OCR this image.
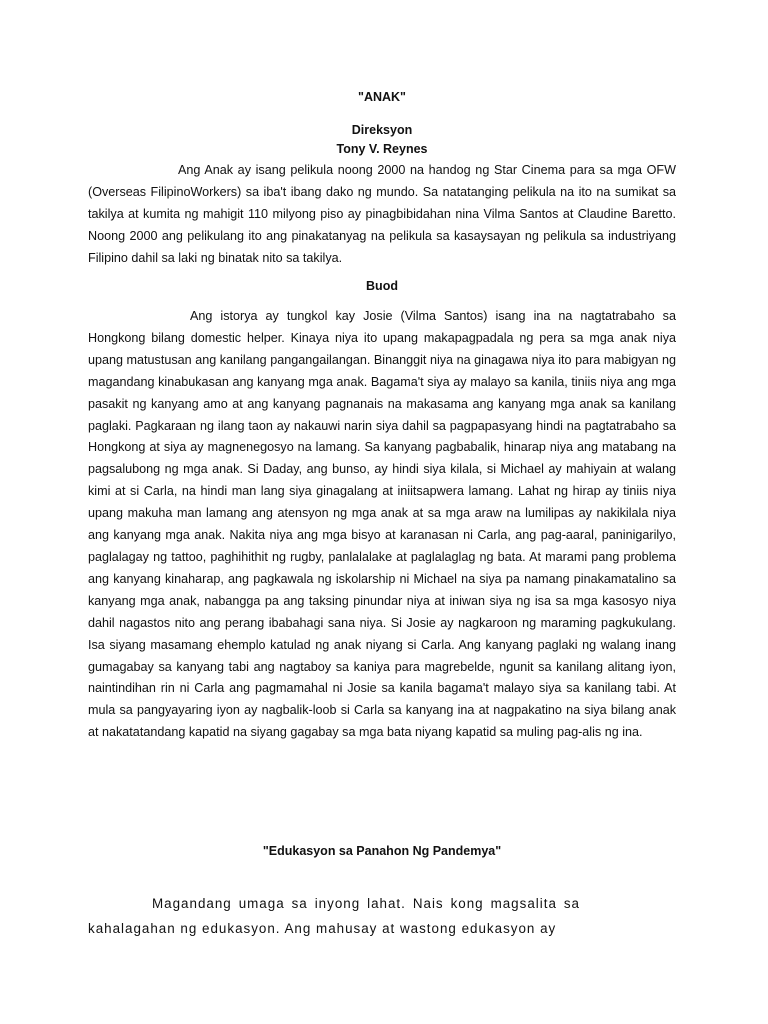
"ANAK"
Direksyon
Tony V. Reynes
Ang Anak ay isang pelikula noong 2000 na handog ng Star Cinema para sa mga OFW (Overseas FilipinoWorkers) sa iba't ibang dako ng mundo. Sa natatanging pelikula na ito na sumikat sa takilya at kumita ng mahigit 110 milyong piso ay pinagbibidahan nina Vilma Santos at Claudine Baretto. Noong 2000 ang pelikulang ito ang pinakatanyag na pelikula sa kasaysayan ng pelikula sa industriyang Filipino dahil sa laki ng binatak nito sa takilya.
Buod
Ang istorya ay tungkol kay Josie (Vilma Santos) isang ina na nagtatrabaho sa Hongkong bilang domestic helper. Kinaya niya ito upang makapagpadala ng pera sa mga anak niya upang matustusan ang kanilang pangangailangan. Binanggit niya na ginagawa niya ito para mabigyan ng magandang kinabukasan ang kanyang mga anak. Bagama't siya ay malayo sa kanila, tiniis niya ang mga pasakit ng kanyang amo at ang kanyang pagnanais na makasama ang kanyang mga anak sa kanilang paglaki. Pagkaraan ng ilang taon ay nakauwi narin siya dahil sa pagpapasyang hindi na pagtatrabaho sa Hongkong at siya ay magnenegosyo na lamang. Sa kanyang pagbabalik, hinarap niya ang matabang na pagsalubong ng mga anak. Si Daday, ang bunso, ay hindi siya kilala, si Michael ay mahiyain at walang kimi at si Carla, na hindi man lang siya ginagalang at iniitsapwera lamang. Lahat ng hirap ay tiniis niya upang makuha man lamang ang atensyon ng mga anak at sa mga araw na lumilipas ay nakikilala niya ang kanyang mga anak. Nakita niya ang mga bisyo at karanasan ni Carla, ang pag-aaral, paninigarilyo, paglalagay ng tattoo, paghihithit ng rugby, panlalalake at paglalaglag ng bata. At marami pang problema ang kanyang kinaharap, ang pagkawala ng iskolarship ni Michael na siya pa namang pinakamatalino sa kanyang mga anak, nabangga pa ang taksing pinundar niya at iniwan siya ng isa sa mga kasosyo niya dahil nagastos nito ang perang ibabahagi sana niya. Si Josie ay nagkaroon ng maraming pagkukulang. Isa siyang masamang ehemplo katulad ng anak niyang si Carla. Ang kanyang paglaki ng walang inang gumagabay sa kanyang tabi ang nagtaboy sa kaniya para magrebelde, ngunit sa kanilang alitang iyon, naintindihan rin ni Carla ang pagmamahal ni Josie sa kanila bagama't malayo siya sa kanilang tabi. At mula sa pangyayaring iyon ay nagbalik-loob si Carla sa kanyang ina at nagpakatino na siya bilang anak at nakatatandang kapatid na siyang gagabay sa mga bata niyang kapatid sa muling pag-alis ng ina.
"Edukasyon sa Panahon Ng Pandemya"
Magandang umaga sa inyong lahat. Nais kong magsalita sa kahalagahan ng edukasyon. Ang mahusay at wastong edukasyon ay
